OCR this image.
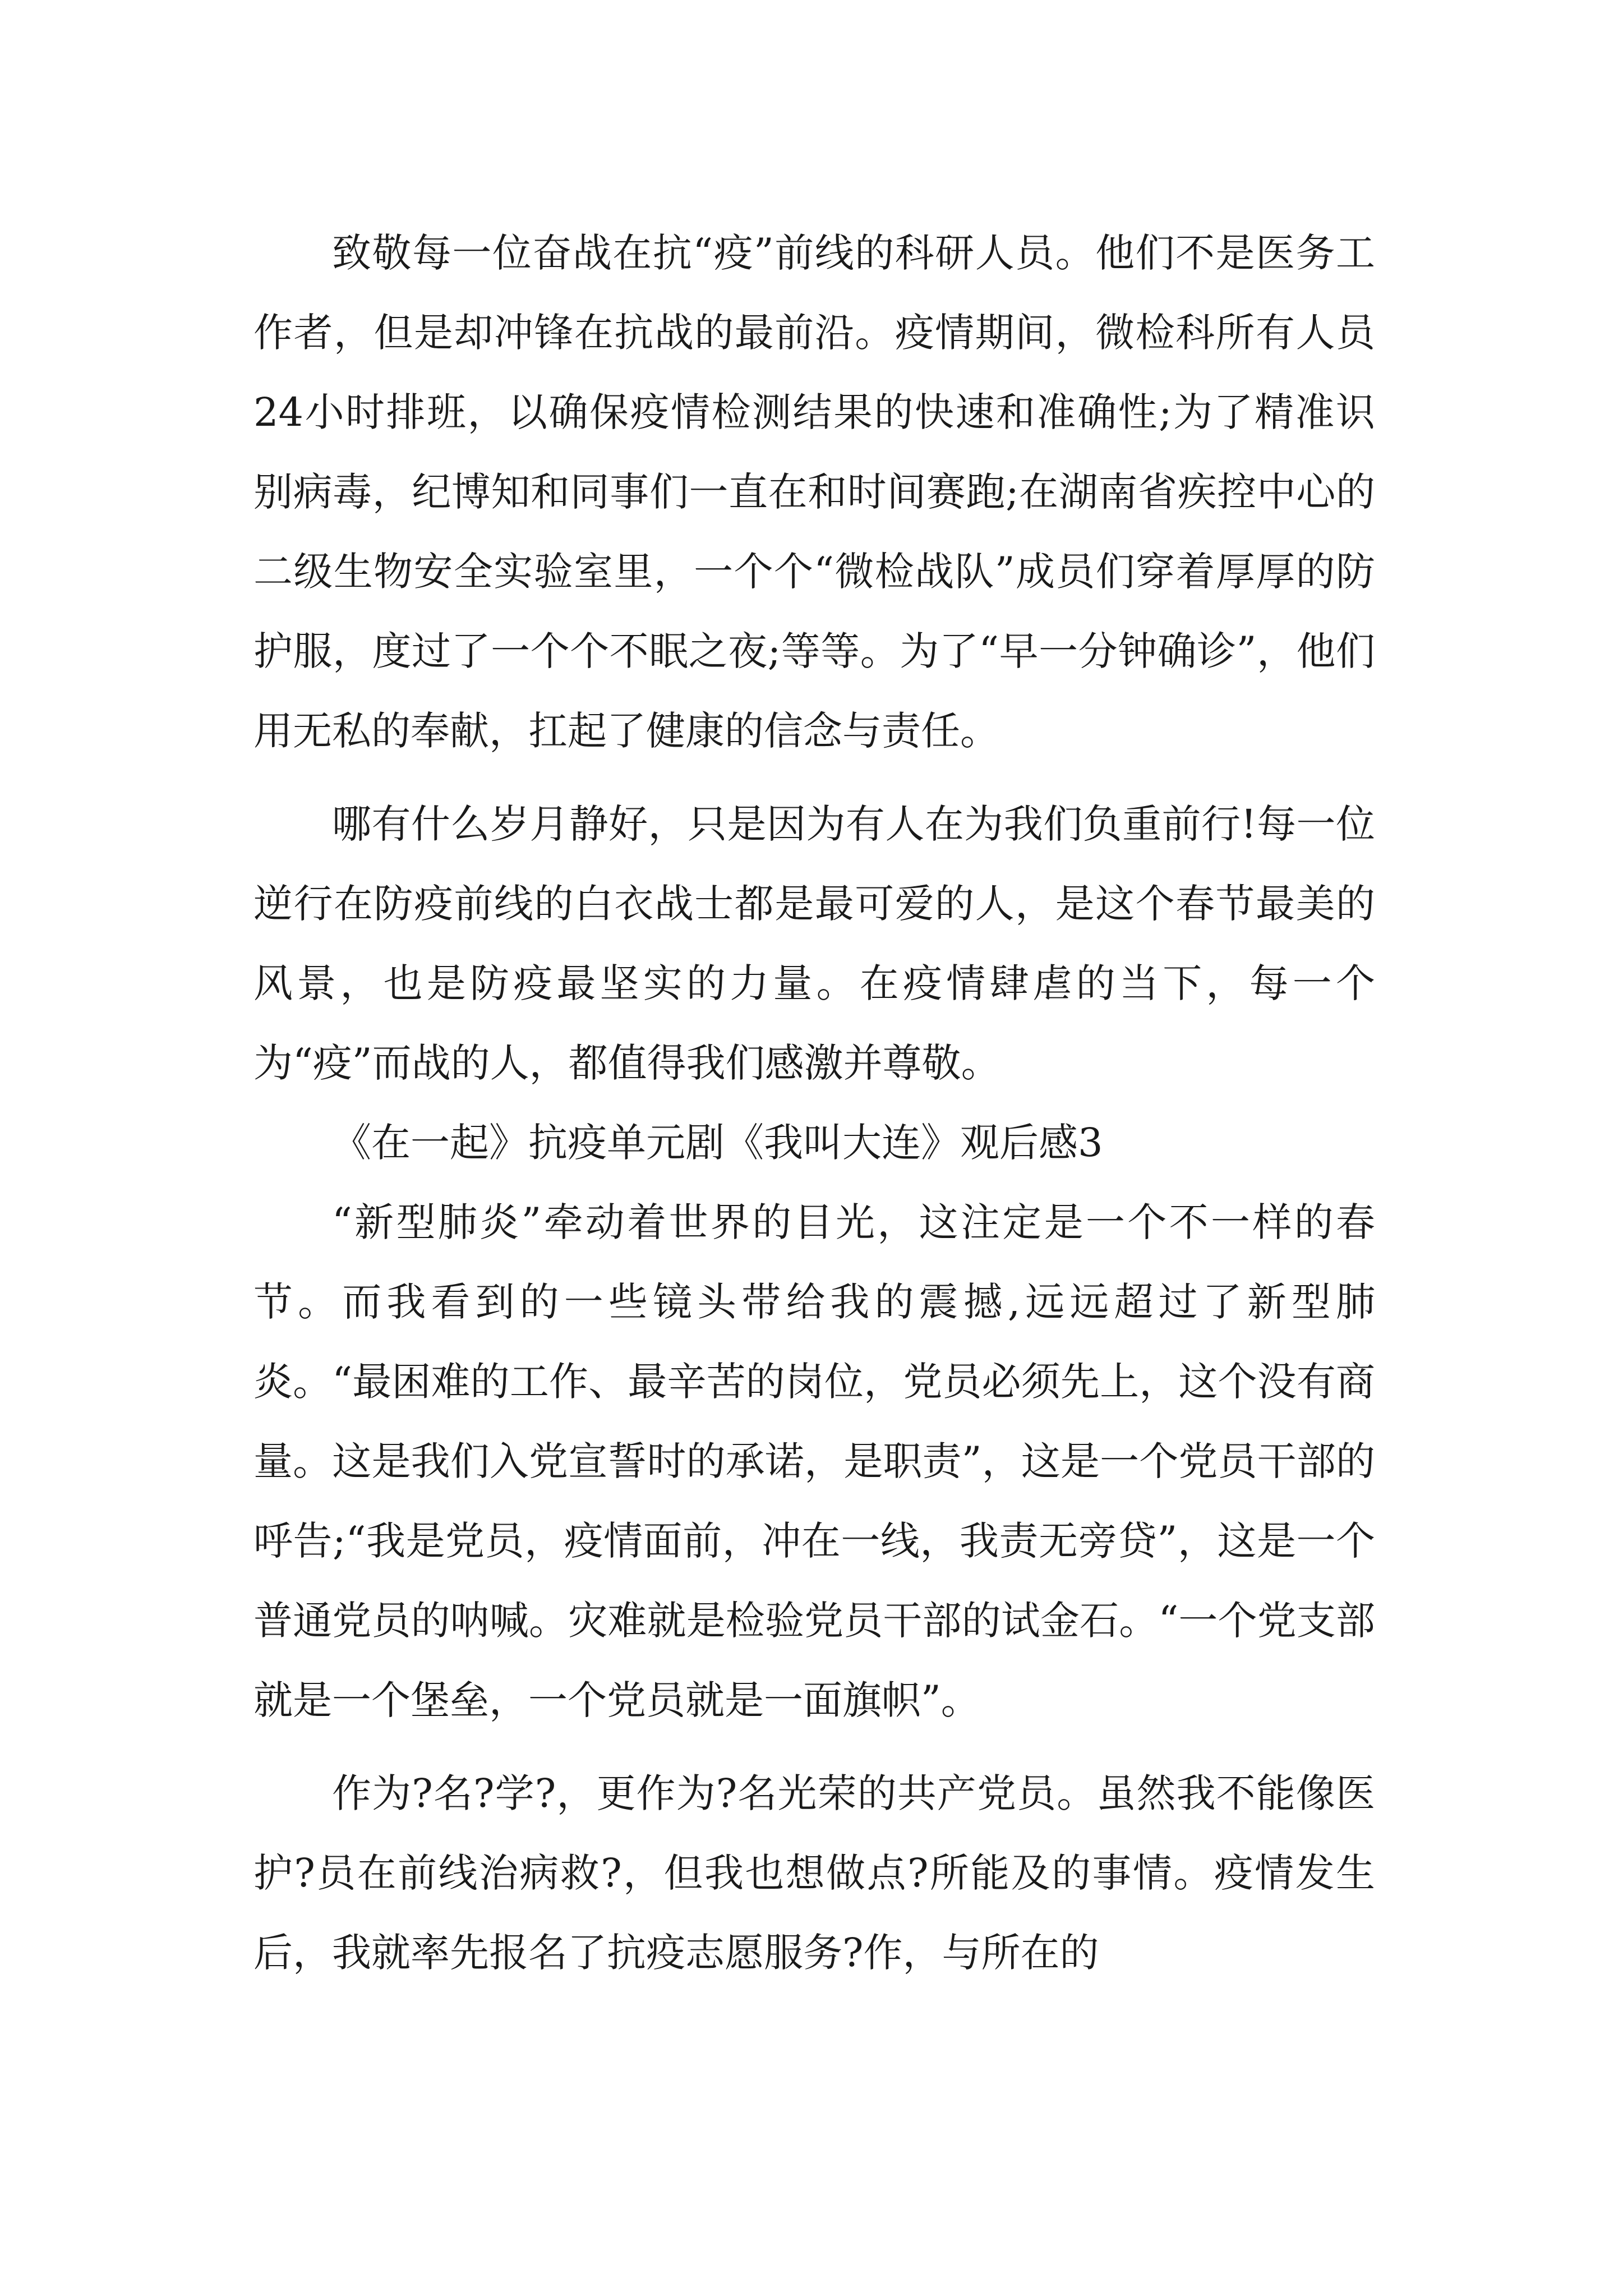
致敬每一位奋战在抗“疫”前线的科研人员。他们不是医务工作者，但是却冲锋在抗战的最前沿。疫情期间，微检科所有人员24小时排班，以确保疫情检测结果的快速和准确性;为了精准识别病毒，纪博知和同事们一直在和时间赛跑;在湖南省疾控中心的二级生物安全实验室里，一个个“微检战队”成员们穿着厚厚的防护服，度过了一个个不眠之夜;等等。为了“早一分钟确诊”，他们用无私的奉献，扛起了健康的信念与责任。

哪有什么岁月静好，只是因为有人在为我们负重前行!每一位逆行在防疫前线的白衣战士都是最可爱的人，是这个春节最美的风景，也是防疫最坚实的力量。在疫情肆虐的当下，每一个为“疫”而战的人，都值得我们感激并尊敬。

《在一起》抗疫单元剧《我叫大连》观后感3

“新型肺炎”牵动着世界的目光，这注定是一个不一样的春节。而我看到的一些镜头带给我的震撼,远远超过了新型肺炎。“最困难的工作、最辛苦的岗位，党员必须先上，这个没有商量。这是我们入党宣誓时的承诺，是职责”，这是一个党员干部的呼告;“我是党员，疫情面前，冲在一线，我责无旁贷”，这是一个普通党员的呐喊。灾难就是检验党员干部的试金石。“一个党支部就是一个堡垒，一个党员就是一面旗帜”。

作为?名?学?，更作为?名光荣的共产党员。虽然我不能像医护?员在前线治病救?，但我也想做点?所能及的事情。疫情发生后，我就率先报名了抗疫志愿服务?作，与所在的
